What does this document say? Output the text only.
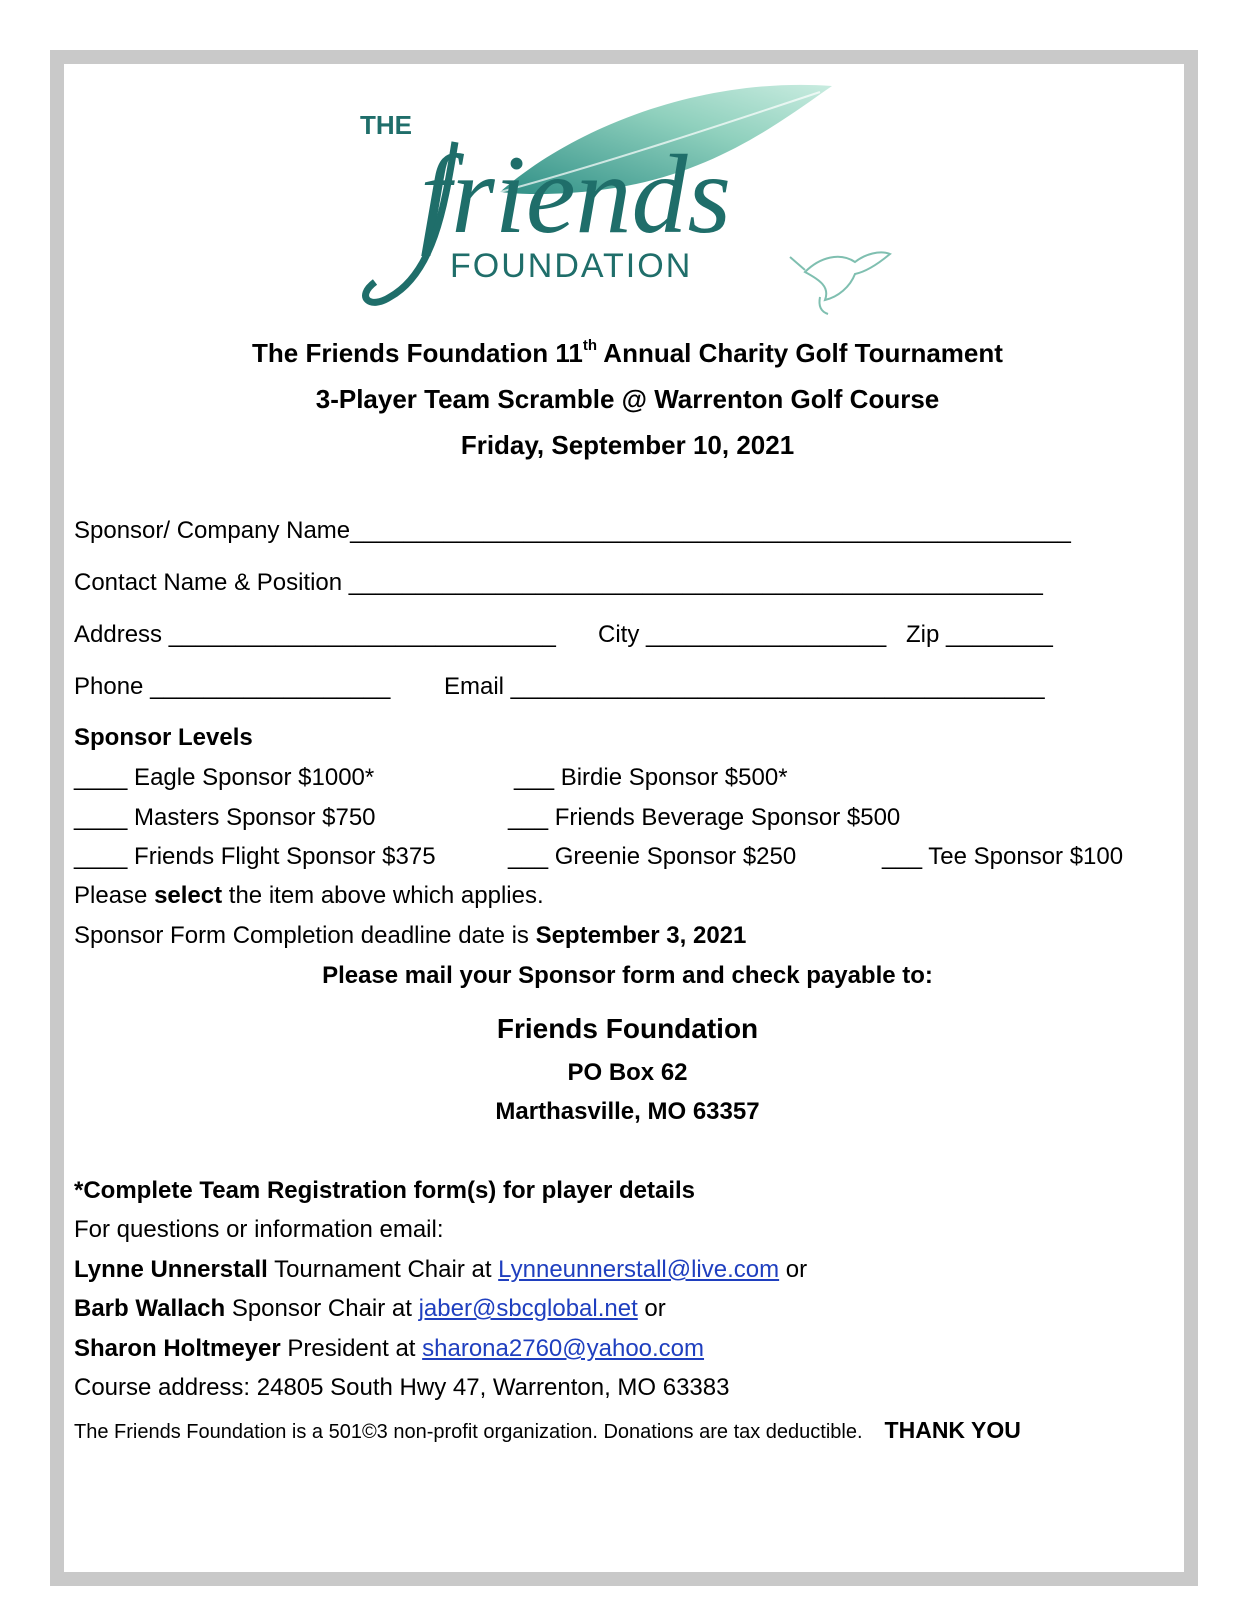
THE
friends
FOUNDATION
The Friends Foundation 11th Annual Charity Golf Tournament
3-Player Team Scramble @ Warrenton Golf Course
Friday, September 10, 2021
Sponsor/ Company Name______________________________________________________
Contact Name & Position ____________________________________________________
Address _____________________________ City __________________ Zip ________
Phone __________________ Email ________________________________________
Sponsor Levels
____ Eagle Sponsor $1000*	___ Birdie Sponsor $500*
____ Masters Sponsor $750	___ Friends Beverage Sponsor $500
____ Friends Flight Sponsor $375	___ Greenie Sponsor $250	___ Tee Sponsor $100
Please select the item above which applies.
Sponsor Form Completion deadline date is September 3, 2021
Please mail your Sponsor form and check payable to:
Friends Foundation
PO Box 62
Marthasville, MO 63357
*Complete Team Registration form(s) for player details
For questions or information email:
Lynne Unnerstall Tournament Chair at Lynneunnerstall@live.com or
Barb Wallach Sponsor Chair at jaber@sbcglobal.net or
Sharon Holtmeyer President at sharona2760@yahoo.com
Course address: 24805 South Hwy 47, Warrenton, MO 63383
The Friends Foundation is a 501©3 non-profit organization. Donations are tax deductible. THANK YOU
